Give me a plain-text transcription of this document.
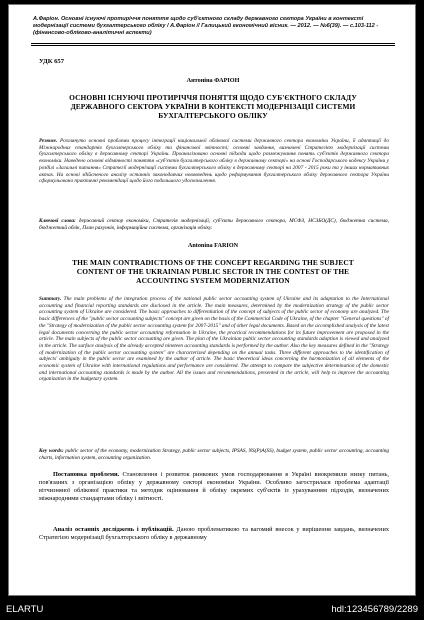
А.Фаріон. Основні існуючі протиріччя поняття щодо суб'єктного складу державного сектора України в контексті модернізації системи бухгалтерського обліку / А.Фаріон // Галицький економічний вісник. — 2012. — №6(39). — с.103-112 - (фінансово-обліково-аналітичні аспекти)
УДК 657
Антоніна ФАРІОН
ОСНОВНІ ІСНУЮЧІ ПРОТИРІЧЧЯ ПОНЯТТЯ ЩОДО СУБ'ЄКТНОГО СКЛАДУ ДЕРЖАВНОГО СЕКТОРА УКРАЇНИ В КОНТЕКСТІ МОДЕРНІЗАЦІЇ СИСТЕМИ БУХГАЛТЕРСЬКОГО ОБЛІКУ
Резюме. Розглянуто основні проблеми процесу інтеграції національної облікової системи державного сектора економіки України, її адаптації до Міжнародних стандартів бухгалтерського обліку та фінансової звітності; основні завдання, визначені Стратегією модернізації системи бухгалтерського обліку в державному секторі України. Проаналізовано основні підходи щодо розмежування понять суб'єктів державного сектора економіки. Наведено основні відмінності поняття «суб'єктів бухгалтерського обліку в державному секторі» на основі Господарського кодексу України у розділі «Загальні питання» Стратегії модернізації системи бухгалтерського обліку в державному секторі на 2007 - 2015 роки та у інших нормативних актах. На основі здійсненого аналізу останніх законодавчих нововведень щодо реформування бухгалтерського обліку державного сектора України сформульовано практичні рекомендації щодо його подальшого удосконалення.
Ключові слова: державний сектор економіки, Стратегія модернізації, суб'єкти державного сектора, МСФЗ, НСЗБО(ДС), бюджетна система, бюджетний облік, План рахунків, інформаційна система, організація обліку.
Antonina FARION
THE MAIN CONTRADICTIONS OF THE CONCEPT REGARDING THE SUBJECT CONTENT OF THE UKRAINIAN PUBLIC SECTOR IN THE CONTEST OF THE ACCOUNTING SYSTEM MODERNIZATION
Summary. The main problems of the integration process of the national public sector accounting system of Ukraine and its adaptation to the International accounting and financial reporting standards are disclosed in the article. The main measures, determined by the modernization strategy of the public sector accounting system of Ukraine are considered. The basic approaches to differentiation of the concept of subjects of the public sector of economy are analyzed. The basic differences of the "public sector accounting subjects" concept are given on the basis of the Commercial Code of Ukraine, of the chapter "General questions" of the "Strategy of modernization of the public sector accounting system for 2007-2015" and of other legal documents. Based on the accomplished analysis of the latest legal documents concerning the public sector accounting reformation in Ukraine, the practical recommendations for its future improvement are proposed in the article. The main subjects of the public sector accounting are given. The plan of the Ukrainian public sector accounting standards adaption is viewed and analyzed in the article. The surface analysis of the already accepted nineteen accounting standards is performed by the author. Also the key measures defined in the "Strategy of modernization of the public sector accounting system" are characterized depending on the annual tasks. Three different approaches to the identification of subjects' ambiguity in the public sector are examined by the author of article. The basic theoretical ideas concerning the harmonization of all elements of the economic system of Ukraine with international regulations and performance are considered. The attempt to compare the subjective determination of the domestic and international accounting standards is made by the author. All the issues and recommendations, presented in the article, will help to improve the accounting organization in the budgetary system.
Key words: public sector of the economy, modernization Strategy, public sector subjects, IPSAS, NS(P)A(SS), budget system, public sector accounting, accounting charts, information system, accounting organization.
Постановка проблеми. Становлення і розвиток ринкових умов господарювання в Україні виокремили низку питань, пов'язаних з організацією обліку у державному секторі економіки України. Особливо загострилася проблема адаптації вітчизняної облікової практики та методик оцінювання й обліку окремих суб'єктів із урахуванням підходів, визначених міжнародними стандартами обліку і звітності.
Аналіз останніх досліджень і публікацій. Даною проблематикою та вагомий внесок у вирішення завдань, визначених Стратегією модернізації бухгалтерського обліку в державному
ELARTU	hdl:123456789/2289
